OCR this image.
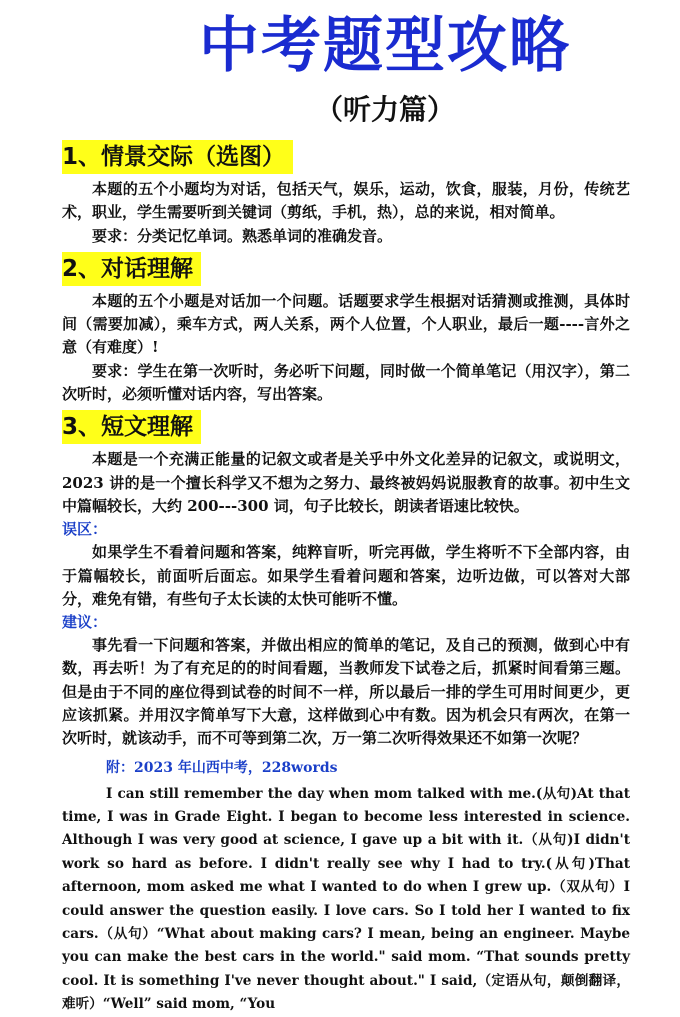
中考题型攻略
（听力篇）
1、情景交际（选图）

本题的五个小题均为对话，包括天气，娱乐，运动，饮食，服装，月份，传统艺术，职业，学生需要听到关键词（剪纸，手机，热），总的来说，相对简单。

要求：分类记忆单词。熟悉单词的准确发音。

2、对话理解

本题的五个小题是对话加一个问题。话题要求学生根据对话猜测或推测，具体时间（需要加减），乘车方式，两人关系，两个人位置，个人职业，最后一题----言外之意（有难度）!

要求：学生在第一次听时，务必听下问题，同时做一个简单笔记（用汉字），第二次听时，必须听懂对话内容，写出答案。

3、短文理解

本题是一个充满正能量的记叙文或者是关乎中外文化差异的记叙文，或说明文，2023 讲的是一个擅长科学又不想为之努力、最终被妈妈说服教育的故事。初中生文中篇幅较长，大约 200---300 词，句子比较长，朗读者语速比较快。

误区：

如果学生不看着问题和答案，纯粹盲听，听完再做，学生将听不下全部内容，由于篇幅较长，前面听后面忘。如果学生看着问题和答案，边听边做，可以答对大部分，难免有错，有些句子太长读的太快可能听不懂。

建议：

事先看一下问题和答案，并做出相应的简单的笔记，及自己的预测，做到心中有数，再去听！为了有充足的的时间看题，当教师发下试卷之后，抓紧时间看第三题。但是由于不同的座位得到试卷的时间不一样，所以最后一排的学生可用时间更少，更应该抓紧。并用汉字简单写下大意，这样做到心中有数。因为机会只有两次，在第一次听时，就该动手，而不可等到第二次，万一第二次听得效果还不如第一次呢？

附：2023 年山西中考，228words

I can still remember the day when mom talked with me.(从句)At that time, I was in Grade Eight. I began to become less interested in science. Although I was very good at science, I gave up a bit with it.（从句)I didn't work so hard as before. I didn't really see why I had to try.(从句)That afternoon, mom asked me what I wanted to do when I grew up.（双从句）I could answer the question easily. I love cars. So I told her I wanted to fix cars.（从句）“What about making cars? I mean, being an engineer. Maybe you can make the best cars in the world." said mom. “That sounds pretty cool. It is something I've never thought about." I said,（定语从句，颠倒翻译，难听）“Well” said mom, “You
